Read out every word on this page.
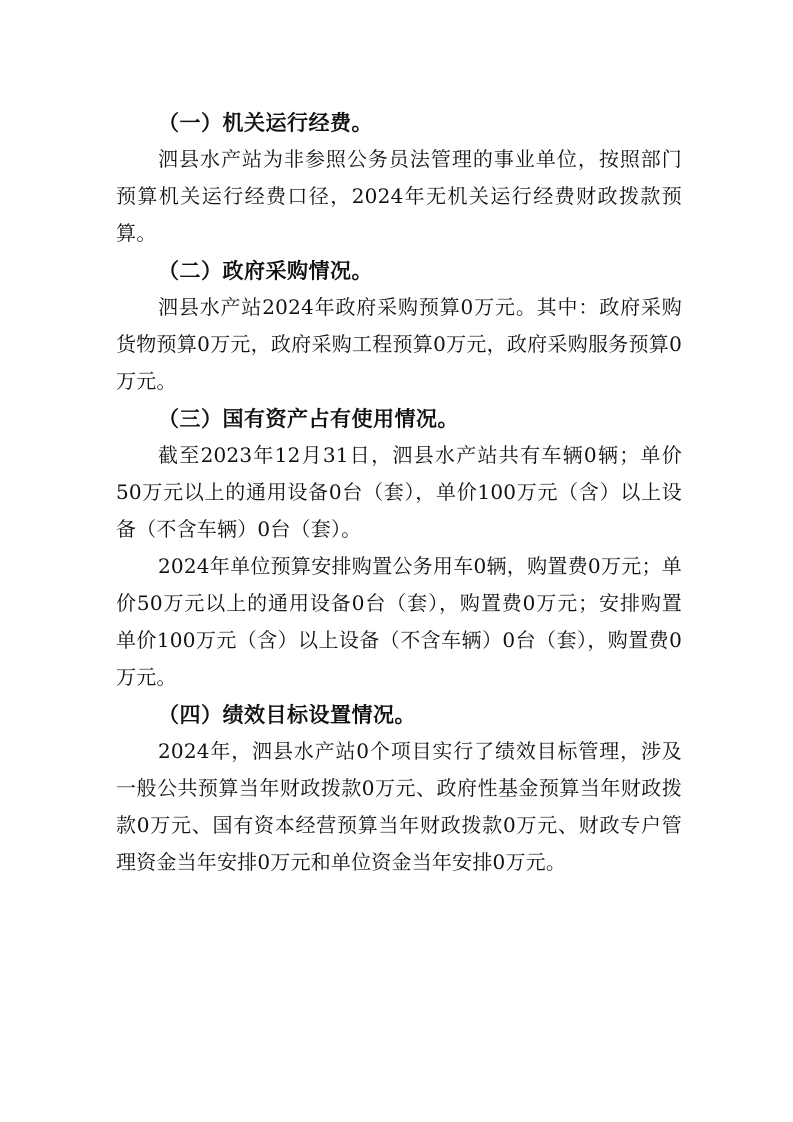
（一）机关运行经费。

泗县水产站为非参照公务员法管理的事业单位，按照部门预算机关运行经费口径，2024年无机关运行经费财政拨款预算。

（二）政府采购情况。

泗县水产站2024年政府采购预算0万元。其中：政府采购货物预算0万元，政府采购工程预算0万元，政府采购服务预算0万元。

（三）国有资产占有使用情况。

截至2023年12月31日，泗县水产站共有车辆0辆；单价50万元以上的通用设备0台（套），单价100万元（含）以上设备（不含车辆）0台（套）。

2024年单位预算安排购置公务用车0辆，购置费0万元；单价50万元以上的通用设备0台（套），购置费0万元；安排购置单价100万元（含）以上设备（不含车辆）0台（套），购置费0万元。

（四）绩效目标设置情况。

2024年，泗县水产站0个项目实行了绩效目标管理，涉及一般公共预算当年财政拨款0万元、政府性基金预算当年财政拨款0万元、国有资本经营预算当年财政拨款0万元、财政专户管理资金当年安排0万元和单位资金当年安排0万元。
